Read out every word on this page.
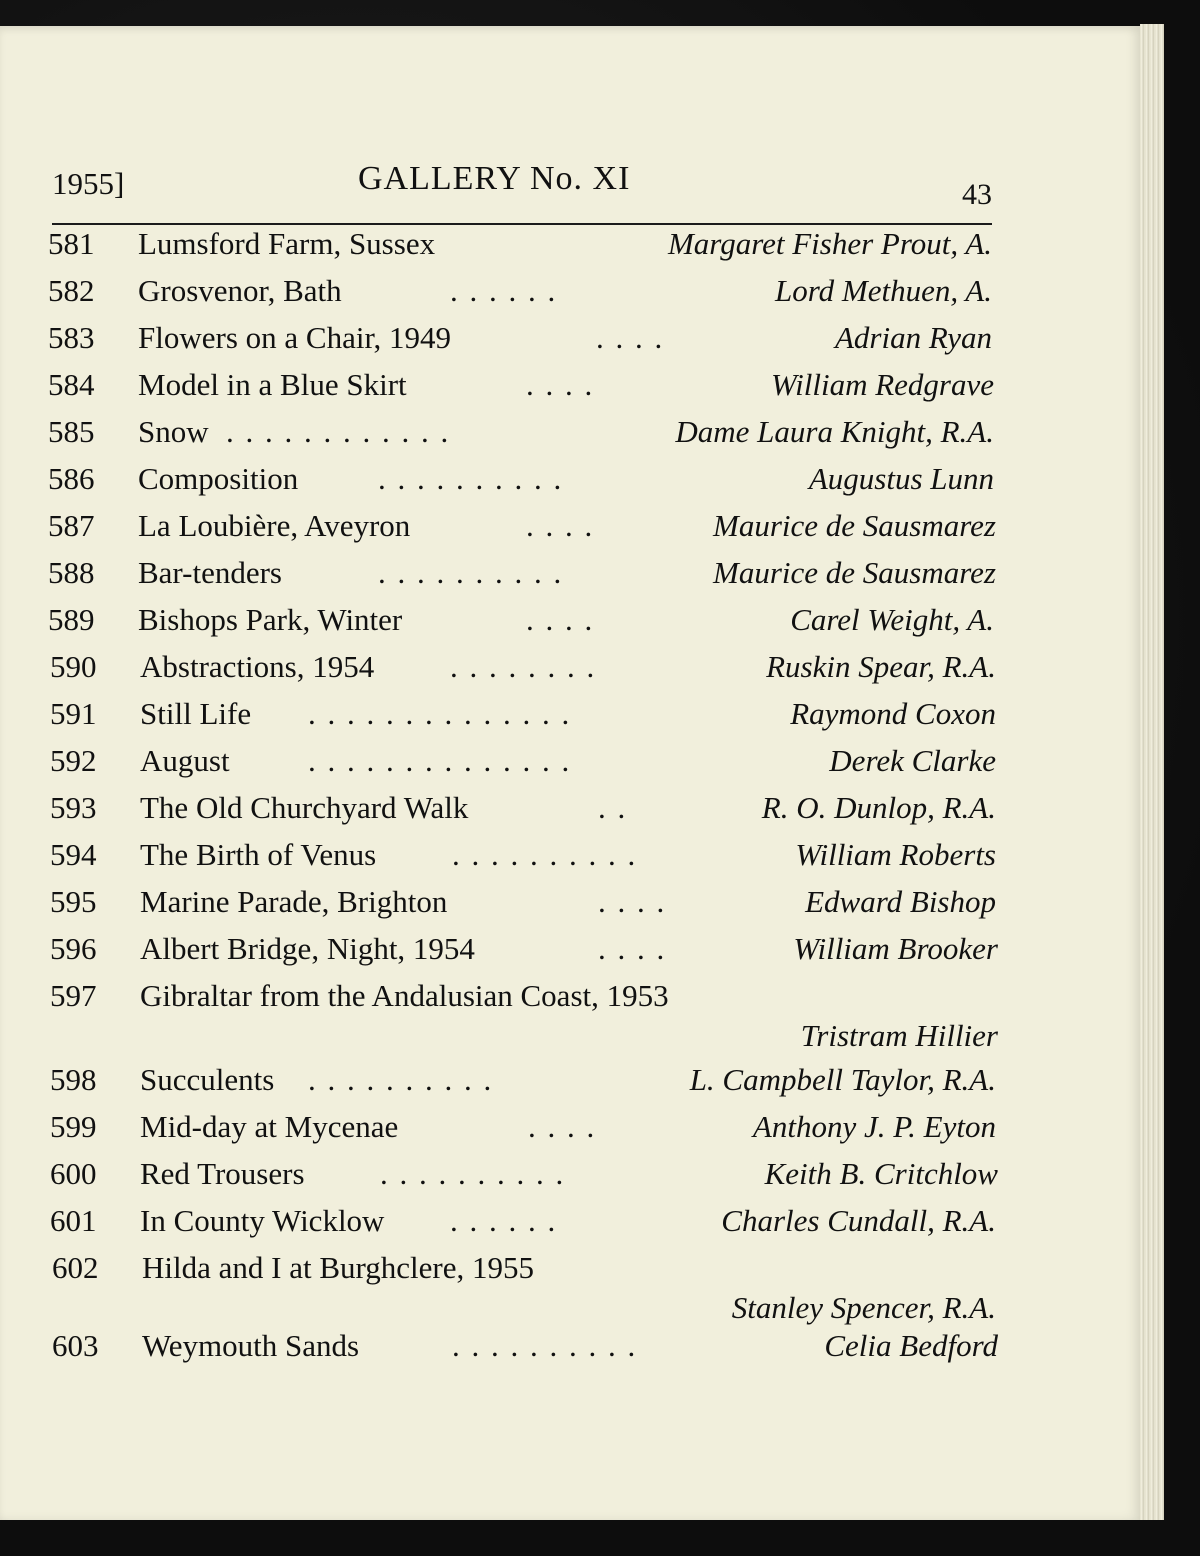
1955]	GALLERY No. XI	43
581 Lumsford Farm, Sussex	Margaret Fisher Prout, A.
582 Grosvenor, Bath	. . . . . .	Lord Methuen, A.
583 Flowers on a Chair, 1949	. . . .	Adrian Ryan
584 Model in a Blue Skirt	. . . .	William Redgrave
585 Snow . . . . . . . . . . . .	Dame Laura Knight, R.A.
586 Composition	. . . . . . . . . .	Augustus Lunn
587 La Loubière, Aveyron	. . . .	Maurice de Sausmarez
588 Bar-tenders	. . . . . . . . . .	Maurice de Sausmarez
589 Bishops Park, Winter	. . . .	Carel Weight, A.
590 Abstractions, 1954 . . . . . . . .	Ruskin Spear, R.A.
591 Still Life . . . . . . . . . . . . . .	Raymond Coxon
592 August	. . . . . . . . . . . . . .	Derek Clarke
593 The Old Churchyard Walk	. .	R. O. Dunlop, R.A.
594 The Birth of Venus . . . . . . . . . .	William Roberts
595 Marine Parade, Brighton	. . . .	Edward Bishop
596 Albert Bridge, Night, 1954	. . . .	William Brooker
597 Gibraltar from the Andalusian Coast, 1953
Tristram Hillier
598 Succulents . . . . . . . . . .	L. Campbell Taylor, R.A.
599 Mid-day at Mycenae	. . . .	Anthony J. P. Eyton
600 Red Trousers . . . . . . . . . .	Keith B. Critchlow
601 In County Wicklow . . . . . .	Charles Cundall, R.A.
602 Hilda and I at Burghclere, 1955
Stanley Spencer, R.A.
603 Weymouth Sands	. . . . . . . . . .	Celia Bedford
